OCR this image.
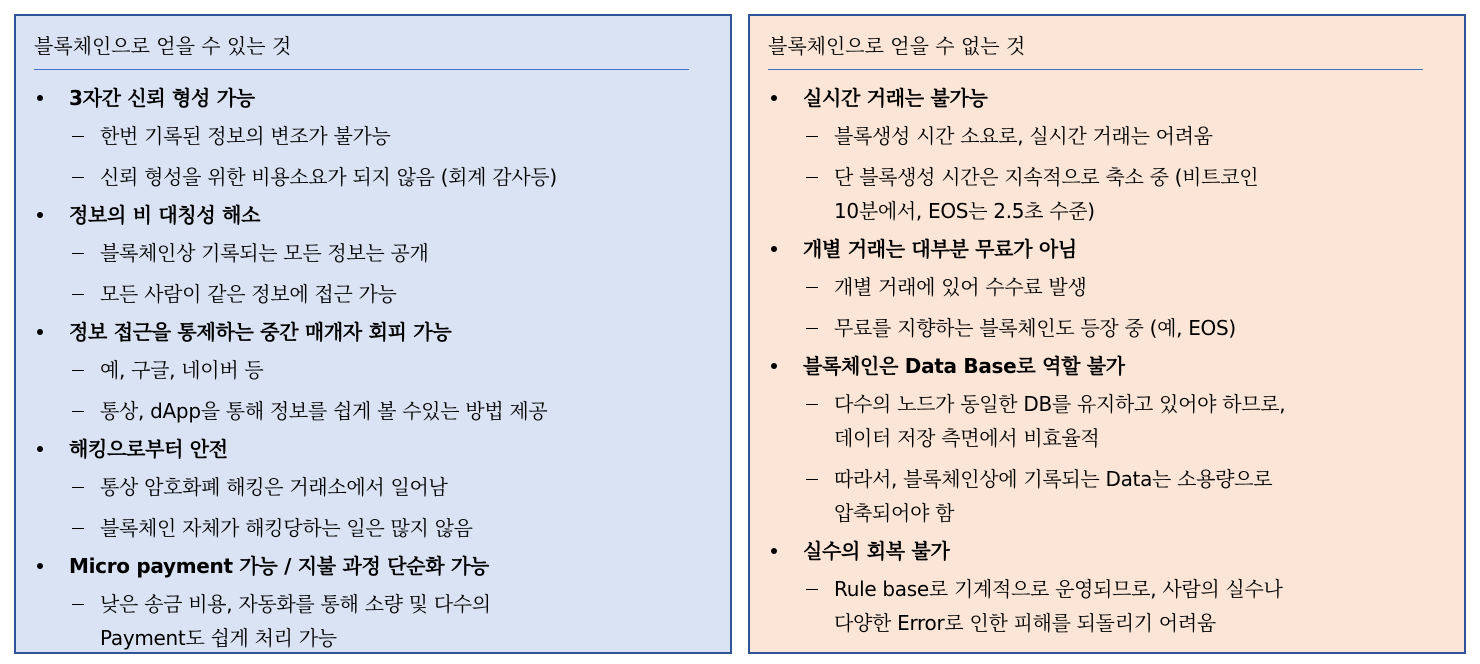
블록체인으로 얻을 수 있는 것
3자간 신뢰 형성 가능
한번 기록된 정보의 변조가 불가능
신뢰 형성을 위한 비용소요가 되지 않음 (회계 감사등)
정보의 비 대칭성 해소
블록체인상 기록되는 모든 정보는 공개
모든 사람이 같은 정보에 접근 가능
정보 접근을 통제하는 중간 매개자 회피 가능
예, 구글, 네이버 등
통상, dApp을 통해 정보를 쉽게 볼 수있는 방법 제공
해킹으로부터 안전
통상 암호화폐 해킹은 거래소에서 일어남
블록체인 자체가 해킹당하는 일은 많지 않음
Micro payment 가능 / 지불 과정 단순화 가능
낮은 송금 비용, 자동화를 통해 소량 및 다수의
Payment도 쉽게 처리 가능
블록체인으로 얻을 수 없는 것
실시간 거래는 불가능
블록생성 시간 소요로, 실시간 거래는 어려움
단 블록생성 시간은 지속적으로 축소 중 (비트코인
10분에서, EOS는 2.5초 수준)
개별 거래는 대부분 무료가 아님
개별 거래에 있어 수수료 발생
무료를 지향하는 블록체인도 등장 중 (예, EOS)
블록체인은 Data Base로 역할 불가
다수의 노드가 동일한 DB를 유지하고 있어야 하므로,
데이터 저장 측면에서 비효율적
따라서, 블록체인상에 기록되는 Data는 소용량으로
압축되어야 함
실수의 회복 불가
Rule base로 기계적으로 운영되므로, 사람의 실수나
다양한 Error로 인한 피해를 되돌리기 어려움
